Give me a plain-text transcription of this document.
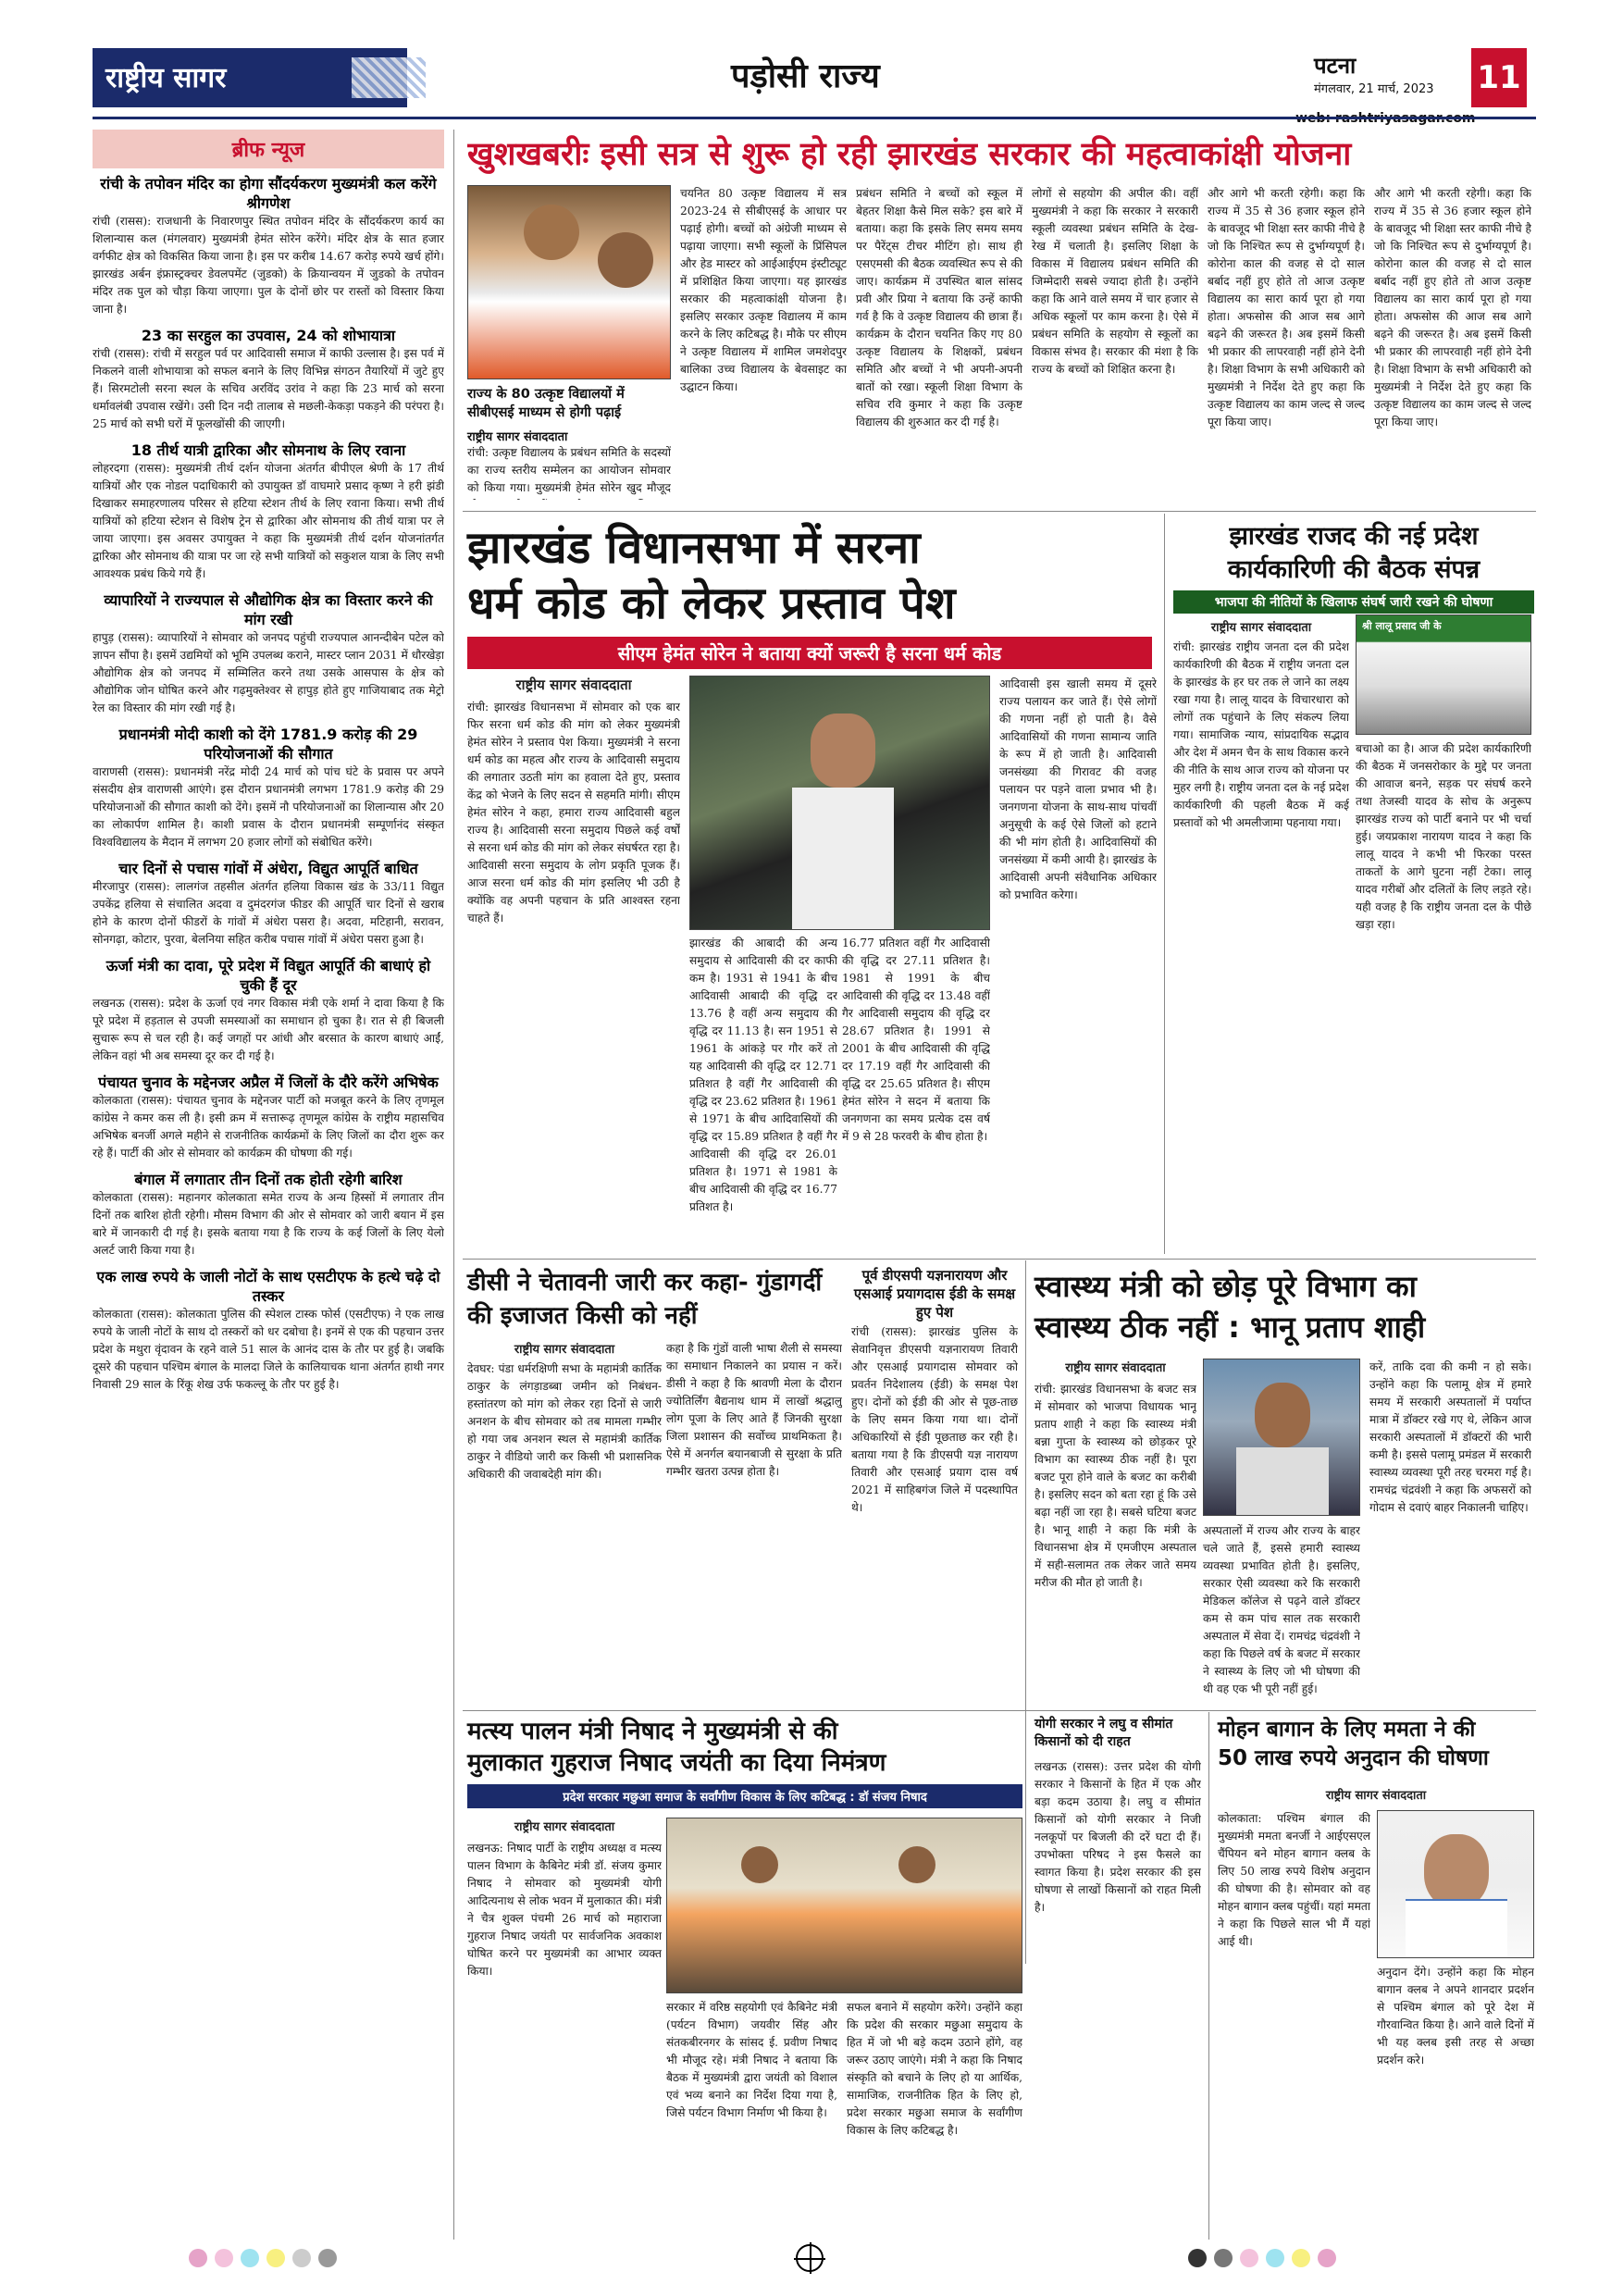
राष्ट्रीय सागर	पड़ोसी राज्य	पटना
मंगलवार, 21 मार्च, 2023 11
ब्रीफ न्यूज
रांची के तपोवन मंदिर का होगा सौंदर्यकरण मुख्यमंत्री कल करेंगे श्रीगणेश
रांची (रासस): राजधानी के निवारणपुर स्थित तपोवन मंदिर के सौंदर्यकरण कार्य का शिलान्यास कल (मंगलवार) मुख्यमंत्री हेमंत सोरेन करेंगे। मंदिर क्षेत्र के सात हजार वर्गफीट क्षेत्र को विकसित किया जाना है। इस पर करीब 14.67 करोड़ रुपये खर्च होंगे। झारखंड अर्बन इंफ्रास्ट्रक्चर डेवलपमेंट (जुडको) के क्रियान्वयन में जुडको के तपोवन मंदिर तक पुल को चौड़ा किया जाएगा। पुल के दोनों छोर पर रास्तों को विस्तार किया जाना है।
23 का सरहुल का उपवास, 24 को शोभायात्रा
रांची (रासस): रांची में सरहुल पर्व पर आदिवासी समाज में काफी उल्लास है। इस पर्व में निकलने वाली शोभायात्रा को सफल बनाने के लिए विभिन्न संगठन तैयारियों में जुटे हुए हैं। सिरमटोली सरना स्थल के सचिव अरविंद उरांव ने कहा कि 23 मार्च को सरना धर्मावलंबी उपवास रखेंगे। उसी दिन नदी तालाब से मछली-केकड़ा पकड़ने की परंपरा है। 25 मार्च को सभी घरों में फूलखोंसी की जाएगी।
18 तीर्थ यात्री द्वारिका और सोमनाथ के लिए रवाना
लोहरदगा (रासस): मुख्यमंत्री तीर्थ दर्शन योजना अंतर्गत बीपीएल श्रेणी के 17 तीर्थ यात्रियों और एक नोडल पदाधिकारी को उपायुक्त डॉ वाघमारे प्रसाद कृष्ण ने हरी झंडी दिखाकर समाहरणालय परिसर से हटिया स्टेशन तीर्थ के लिए रवाना किया। सभी तीर्थ यात्रियों को हटिया स्टेशन से विशेष ट्रेन से द्वारिका और सोमनाथ की तीर्थ यात्रा पर ले जाया जाएगा। इस अवसर उपायुक्त ने कहा कि मुख्यमंत्री तीर्थ दर्शन योजनांतर्गत द्वारिका और सोमनाथ की यात्रा पर जा रहे सभी यात्रियों को सकुशल यात्रा के लिए सभी आवश्यक प्रबंध किये गये हैं।
व्यापारियों ने राज्यपाल से औद्योगिक क्षेत्र का विस्तार करने की मांग रखी
हापुड़ (रासस): व्यापारियों ने सोमवार को जनपद पहुंची राज्यपाल आनन्दीबेन पटेल को ज्ञापन सौंपा है। इसमें उद्यमियों को भूमि उपलब्ध कराने, मास्टर प्लान 2031 में धौरखेड़ा औद्योगिक क्षेत्र को जनपद में सम्मिलित करने तथा उसके आसपास के क्षेत्र को औद्योगिक जोन घोषित करने और गढ़मुक्तेश्वर से हापुड़ होते हुए गाजियाबाद तक मेट्रो रेल का विस्तार की मांग रखी गई है।
प्रधानमंत्री मोदी काशी को देंगे 1781.9 करोड़ की 29 परियोजनाओं की सौगात
वाराणसी (रासस): प्रधानमंत्री नरेंद्र मोदी 24 मार्च को पांच घंटे के प्रवास पर अपने संसदीय क्षेत्र वाराणसी आएंगे। इस दौरान प्रधानमंत्री लगभग 1781.9 करोड़ की 29 परियोजनाओं की सौगात काशी को देंगे। इसमें नौ परियोजनाओं का शिलान्यास और 20 का लोकार्पण शामिल है। काशी प्रवास के दौरान प्रधानमंत्री सम्पूर्णानंद संस्कृत विश्वविद्यालय के मैदान में लगभग 20 हजार लोगों को संबोधित करेंगे।
चार दिनों से पचास गांवों में अंधेरा, विद्युत आपूर्ति बाधित
मीरजापुर (रासस): लालगंज तहसील अंतर्गत हलिया विकास खंड के 33/11 विद्युत उपकेंद्र हलिया से संचालित अदवा व दुमंदरगंज फीडर की आपूर्ति चार दिनों से खराब होने के कारण दोनों फीडरों के गांवों में अंधेरा पसरा है। अदवा, मटिहानी, सरावन, सोनगढ़ा, कोटार, पुरवा, बेलनिया सहित करीब पचास गांवों में अंधेरा पसरा हुआ है।
ऊर्जा मंत्री का दावा, पूरे प्रदेश में विद्युत आपूर्ति की बाधाएं हो चुकी हैं दूर
लखनऊ (रासस): प्रदेश के ऊर्जा एवं नगर विकास मंत्री एके शर्मा ने दावा किया है कि पूरे प्रदेश में हड़ताल से उपजी समस्याओं का समाधान हो चुका है। रात से ही बिजली सुचारू रूप से चल रही है। कई जगहों पर आंधी और बरसात के कारण बाधाएं आईं, लेकिन वहां भी अब समस्या दूर कर दी गई है।
पंचायत चुनाव के मद्देनजर अप्रैल में जिलों के दौरे करेंगे अभिषेक
कोलकाता (रासस): पंचायत चुनाव के मद्देनजर पार्टी को मजबूत करने के लिए तृणमूल कांग्रेस ने कमर कस ली है। इसी क्रम में सत्तारूढ़ तृणमूल कांग्रेस के राष्ट्रीय महासचिव अभिषेक बनर्जी अगले महीने से राजनीतिक कार्यक्रमों के लिए जिलों का दौरा शुरू कर रहे हैं। पार्टी की ओर से सोमवार को कार्यक्रम की घोषणा की गई।
बंगाल में लगातार तीन दिनों तक होती रहेगी बारिश
कोलकाता (रासस): महानगर कोलकाता समेत राज्य के अन्य हिस्सों में लगातार तीन दिनों तक बारिश होती रहेगी। मौसम विभाग की ओर से सोमवार को जारी बयान में इस बारे में जानकारी दी गई है। इसके बताया गया है कि राज्य के कई जिलों के लिए येलो अलर्ट जारी किया गया है।
एक लाख रुपये के जाली नोटों के साथ एसटीएफ के हत्थे चढ़े दो तस्कर
कोलकाता (रासस): कोलकाता पुलिस की स्पेशल टास्क फोर्स (एसटीएफ) ने एक लाख रुपये के जाली नोटों के साथ दो तस्करों को धर दबोचा है। इनमें से एक की पहचान उत्तर प्रदेश के मथुरा वृंदावन के रहने वाले 51 साल के आनंद दास के तौर पर हुई है। जबकि दूसरे की पहचान पश्चिम बंगाल के मालदा जिले के कालियाचक थाना अंतर्गत हाथी नगर निवासी 29 साल के रिंकू शेख उर्फ फकल्लू के तौर पर हुई है।
खुशखबरीः इसी सत्र से शुरू हो रही झारखंड सरकार की महत्वाकांक्षी योजना
राज्य के 80 उत्कृष्ट विद्यालयों में सीबीएसई माध्यम से होगी पढ़ाई
राष्ट्रीय सागर संवाददाता
रांची: उत्कृष्ट विद्यालय के प्रबंधन समिति के सदस्यों का राज्य स्तरीय सम्मेलन का आयोजन सोमवार को किया गया। मुख्यमंत्री हेमंत सोरेन खुद मौजूद
चयनित 80 उत्कृष्ट विद्यालय में सत्र 2023-24 से सीबीएसई के आधार पर पढ़ाई होगी। बच्चों को अंग्रेजी माध्यम से पढ़ाया जाएगा। सभी स्कूलों के प्रिंसिपल और हेड मास्टर को आईआईएम इंस्टीट्यूट में प्रशिक्षित किया जाएगा। यह झारखंड सरकार की महत्वाकांक्षी योजना है। इसलिए सरकार उत्कृष्ट विद्यालय में काम करने के लिए कटिबद्ध है। मौके पर सीएम ने उत्कृष्ट विद्यालय में शामिल जमशेदपुर बालिका उच्च विद्यालय के बेवसाइट का उद्घाटन किया।
प्रबंधन समिति ने बच्चों को स्कूल में बेहतर शिक्षा कैसे मिल सके? इस बारे में बताया। कहा कि इसके लिए समय समय पर पैरेंट्स टीचर मीटिंग हो। साथ ही एसएमसी की बैठक व्यवस्थित रूप से की जाए। कार्यक्रम में उपस्थित बाल सांसद प्रवी और प्रिया ने बताया कि उन्हें काफी गर्व है कि वे उत्कृष्ट विद्यालय की छात्रा हैं। कार्यक्रम के दौरान चयनित किए गए 80 उत्कृष्ट विद्यालय के शिक्षकों, प्रबंधन समिति और बच्चों ने भी अपनी-अपनी बातों को रखा। स्कूली शिक्षा विभाग के सचिव रवि कुमार ने कहा कि उत्कृष्ट विद्यालय की शुरुआत कर दी गई है।
लोगों से सहयोग की अपील की। वहीं मुख्यमंत्री ने कहा कि सरकार ने सरकारी स्कूली व्यवस्था प्रबंधन समिति के देख-रेख में चलाती है। इसलिए शिक्षा के विकास में विद्यालय प्रबंधन समिति की जिम्मेदारी सबसे ज्यादा होती है। उन्होंने कहा कि आने वाले समय में चार हजार से अधिक स्कूलों पर काम करना है। ऐसे में प्रबंधन समिति के सहयोग से स्कूलों का विकास संभव है। सरकार की मंशा है कि राज्य के बच्चों को शिक्षित करना है।
और आगे भी करती रहेगी। कहा कि राज्य में 35 से 36 हजार स्कूल होने के बावजूद भी शिक्षा स्तर काफी नीचे है जो कि निश्चित रूप से दुर्भाग्यपूर्ण है। कोरोना काल की वजह से दो साल बर्बाद नहीं हुए होते तो आज उत्कृष्ट विद्यालय का सारा कार्य पूरा हो गया होता। अफसोस की आज सब आगे बढ़ने की जरूरत है। अब इसमें किसी भी प्रकार की लापरवाही नहीं होने देनी है। शिक्षा विभाग के सभी अधिकारी को मुख्यमंत्री ने निर्देश देते हुए कहा कि उत्कृष्ट विद्यालय का काम जल्द से जल्द पूरा किया जाए।
और आगे भी करती रहेगी। कहा कि राज्य में 35 से 36 हजार स्कूल होने के बावजूद भी शिक्षा स्तर काफी नीचे है जो कि निश्चित रूप से दुर्भाग्यपूर्ण है। कोरोना काल की वजह से दो साल बर्बाद नहीं हुए होते तो आज उत्कृष्ट विद्यालय का सारा कार्य पूरा हो गया होता। अफसोस की आज सब आगे बढ़ने की जरूरत है। अब इसमें किसी भी प्रकार की लापरवाही नहीं होने देनी है। शिक्षा विभाग के सभी अधिकारी को मुख्यमंत्री ने निर्देश देते हुए कहा कि उत्कृष्ट विद्यालय का काम जल्द से जल्द पूरा किया जाए।
झारखंड विधानसभा में सरना
धर्म कोड को लेकर प्रस्ताव पेश
सीएम हेमंत सोरेन ने बताया क्यों जरूरी है सरना धर्म कोड
राष्ट्रीय सागर संवाददाता
रांची: झारखंड विधानसभा में सोमवार को एक बार फिर सरना धर्म कोड की मांग को लेकर मुख्यमंत्री हेमंत सोरेन ने प्रस्ताव पेश किया। मुख्यमंत्री ने सरना धर्म कोड का महत्व और राज्य के आदिवासी समुदाय की लगातार उठती मांग का हवाला देते हुए, प्रस्ताव केंद्र को भेजने के लिए सदन से सहमति मांगी। सीएम हेमंत सोरेन ने कहा, हमारा राज्य आदिवासी बहुल राज्य है। आदिवासी सरना समुदाय पिछले कई वर्षों से सरना धर्म कोड की मांग को लेकर संघर्षरत रहा है। आदिवासी सरना समुदाय के लोग प्रकृति पूजक हैं। आज सरना धर्म कोड की मांग इसलिए भी उठी है क्योंकि वह अपनी पहचान के प्रति आश्वस्त रहना चाहते हैं।
झारखंड की आबादी की अन्य समुदाय से आदिवासी की दर काफी कम है। 1931 से 1941 के बीच आदिवासी आबादी की वृद्धि दर 13.76 है वहीं अन्य समुदाय की वृद्धि दर 11.13 है। सन 1951 से 1961 के आंकड़े पर गौर करें तो यह आदिवासी की वृद्धि दर 12.71 प्रतिशत है वहीं गैर आदिवासी की वृद्धि दर 23.62 प्रतिशत है। 1961 से 1971 के बीच आदिवासियों की वृद्धि दर 15.89 प्रतिशत है वहीं गैर आदिवासी की वृद्धि दर 26.01 प्रतिशत है। 1971 से 1981 के बीच आदिवासी की वृद्धि दर 16.77 प्रतिशत है।
16.77 प्रतिशत वहीं गैर आदिवासी की वृद्धि दर 27.11 प्रतिशत है। 1981 से 1991 के बीच आदिवासी की वृद्धि दर 13.48 वहीं गैर आदिवासी समुदाय की वृद्धि दर 28.67 प्रतिशत है। 1991 से 2001 के बीच आदिवासी की वृद्धि दर 17.19 वहीं गैर आदिवासी की वृद्धि दर 25.65 प्रतिशत है। सीएम हेमंत सोरेन ने सदन में बताया कि जनगणना का समय प्रत्येक दस वर्ष में 9 से 28 फरवरी के बीच होता है।
आदिवासी इस खाली समय में दूसरे राज्य पलायन कर जाते हैं। ऐसे लोगों की गणना नहीं हो पाती है। वैसे आदिवासियों की गणना सामान्य जाति के रूप में हो जाती है। आदिवासी जनसंख्या की गिरावट की वजह पलायन पर पड़ने वाला प्रभाव भी है। जनगणना योजना के साथ-साथ पांचवीं अनुसूची के कई ऐसे जिलों को हटाने की भी मांग होती है। आदिवासियों की जनसंख्या में कमी आयी है। झारखंड के आदिवासी अपनी संवैधानिक अधिकार को प्रभावित करेगा।
झारखंड राजद की नई प्रदेश
कार्यकारिणी की बैठक संपन्न
भाजपा की नीतियों के खिलाफ संघर्ष जारी रखने की घोषणा
राष्ट्रीय सागर संवाददाता	श्री लालू प्रसाद जी के
रांची: झारखंड राष्ट्रीय जनता दल की प्रदेश कार्यकारिणी की बैठक में राष्ट्रीय जनता दल के झारखंड के हर घर तक ले जाने का लक्ष्य रखा गया है। लालू यादव के विचारधारा को लोगों तक पहुंचाने के लिए संकल्प लिया गया। सामाजिक न्याय, सांप्रदायिक सद्भाव और देश में अमन चैन के साथ विकास करने की नीति के साथ आज राज्य को योजना पर मुहर लगी है। राष्ट्रीय जनता दल के नई प्रदेश कार्यकारिणी की पहली बैठक में कई प्रस्तावों को भी अमलीजामा पहनाया गया।
बचाओ का है। आज की प्रदेश कार्यकारिणी की बैठक में जनसरोकार के मुद्दे पर जनता की आवाज बनने, सड़क पर संघर्ष करने तथा तेजस्वी यादव के सोच के अनुरूप झारखंड राज्य को पार्टी बनाने पर भी चर्चा हुई। जयप्रकाश नारायण यादव ने कहा कि लालू यादव ने कभी भी फिरका परस्त ताकतों के आगे घुटना नहीं टेका। लालू यादव गरीबों और दलितों के लिए लड़ते रहे। यही वजह है कि राष्ट्रीय जनता दल के पीछे खड़ा रहा।
डीसी ने चेतावनी जारी कर कहा- गुंडागर्दी की इजाजत किसी को नहीं
राष्ट्रीय सागर संवाददाता
देवघर: पंडा धर्मरक्षिणी सभा के महामंत्री कार्तिक ठाकुर के लंगड़ाडब्बा जमीन को निबंधन-हस्तांतरण को मांग को लेकर रहा दिनों से जारी अनशन के बीच सोमवार को तब मामला गम्भीर हो गया जब अनशन स्थल से महामंत्री कार्तिक ठाकुर ने वीडियो जारी कर किसी भी प्रशासनिक अधिकारी की जवाबदेही मांग की।
कहा है कि गुंडों वाली भाषा शैली से समस्या का समाधान निकालने का प्रयास न करें। डीसी ने कहा है कि श्रावणी मेला के दौरान ज्योतिर्लिंग बैद्यनाथ धाम में लाखों श्रद्धालु लोग पूजा के लिए आते हैं जिनकी सुरक्षा जिला प्रशासन की सर्वोच्च प्राथमिकता है। ऐसे में अनर्गल बयानबाजी से सुरक्षा के प्रति गम्भीर खतरा उत्पन्न होता है।
पूर्व डीएसपी यज्ञनारायण और एसआई प्रयागदास ईडी के समक्ष हुए पेश
रांची (रासस): झारखंड पुलिस के सेवानिवृत्त डीएसपी यज्ञनारायण तिवारी और एसआई प्रयागदास सोमवार को प्रवर्तन निदेशालय (ईडी) के समक्ष पेश हुए। दोनों को ईडी की ओर से पूछ-ताछ के लिए समन किया गया था। दोनों अधिकारियों से ईडी पूछताछ कर रही है। बताया गया है कि डीएसपी यज्ञ नारायण तिवारी और एसआई प्रयाग दास वर्ष 2021 में साहिबगंज जिले में पदस्थापित थे।
स्वास्थ्य मंत्री को छोड़ पूरे विभाग का
स्वास्थ्य ठीक नहीं : भानू प्रताप शाही
राष्ट्रीय सागर संवाददाता
रांची: झारखंड विधानसभा के बजट सत्र में सोमवार को भाजपा विधायक भानू प्रताप शाही ने कहा कि स्वास्थ्य मंत्री बन्ना गुप्ता के स्वास्थ्य को छोड़कर पूरे विभाग का स्वास्थ्य ठीक नहीं है। पूरा बजट पूरा होने वाले के बजट का करीबी है। इसलिए सदन को बता रहा हूं कि उसे बढ़ा नहीं जा रहा है। सबसे घटिया बजट है। भानू शाही ने कहा कि मंत्री के विधानसभा क्षेत्र में एमजीएम अस्पताल में सही-सलामत तक लेकर जाते समय मरीज की मौत हो जाती है।
अस्पतालों में राज्य और राज्य के बाहर चले जाते हैं, इससे हमारी स्वास्थ्य व्यवस्था प्रभावित होती है। इसलिए, सरकार ऐसी व्यवस्था करे कि सरकारी मेडिकल कॉलेज से पढ़ने वाले डॉक्टर कम से कम पांच साल तक सरकारी अस्पताल में सेवा दें। रामचंद्र चंद्रवंशी ने कहा कि पिछले वर्ष के बजट में सरकार ने स्वास्थ्य के लिए जो भी घोषणा की थी वह एक भी पूरी नहीं हुई।
करें, ताकि दवा की कमी न हो सके। उन्होंने कहा कि पलामू क्षेत्र में हमारे समय में सरकारी अस्पतालों में पर्याप्त मात्रा में डॉक्टर रखे गए थे, लेकिन आज सरकारी अस्पतालों में डॉक्टरों की भारी कमी है। इससे पलामू प्रमंडल में सरकारी स्वास्थ्य व्यवस्था पूरी तरह चरमरा गई है। रामचंद्र चंद्रवंशी ने कहा कि अफसरों को गोदाम से दवाएं बाहर निकालनी चाहिए।
मत्स्य पालन मंत्री निषाद ने मुख्यमंत्री से की
मुलाकात गुहराज निषाद जयंती का दिया निमंत्रण
प्रदेश सरकार मछुआ समाज के सर्वांगीण विकास के लिए कटिबद्ध : डॉ संजय निषाद
राष्ट्रीय सागर संवाददाता
लखनऊ: निषाद पार्टी के राष्ट्रीय अध्यक्ष व मत्स्य पालन विभाग के कैबिनेट मंत्री डॉ. संजय कुमार निषाद ने सोमवार को मुख्यमंत्री योगी आदित्यनाथ से लोक भवन में मुलाकात की। मंत्री ने चैत्र शुक्ल पंचमी 26 मार्च को महाराजा गुहराज निषाद जयंती पर सार्वजनिक अवकाश घोषित करने पर मुख्यमंत्री का आभार व्यक्त किया।
सरकार में वरिष्ठ सहयोगी एवं कैबिनेट मंत्री (पर्यटन विभाग) जयवीर सिंह और संतकबीरनगर के सांसद ई. प्रवीण निषाद भी मौजूद रहे। मंत्री निषाद ने बताया कि बैठक में मुख्यमंत्री द्वारा जयंती को विशाल एवं भव्य बनाने का निर्देश दिया गया है, जिसे पर्यटन विभाग निर्माण भी किया है।
सफल बनाने में सहयोग करेंगे। उन्होंने कहा कि प्रदेश की सरकार मछुआ समुदाय के हित में जो भी बड़े कदम उठाने होंगे, वह जरूर उठाए जाएंगे। मंत्री ने कहा कि निषाद संस्कृति को बचाने के लिए हो या आर्थिक, सामाजिक, राजनीतिक हित के लिए हो, प्रदेश सरकार मछुआ समाज के सर्वांगीण विकास के लिए कटिबद्ध है।
योगी सरकार ने लघु व सीमांत किसानों को दी राहत
लखनऊ (रासस): उत्तर प्रदेश की योगी सरकार ने किसानों के हित में एक और बड़ा कदम उठाया है। लघु व सीमांत किसानों को योगी सरकार ने निजी नलकूपों पर बिजली की दरें घटा दी हैं। उपभोक्ता परिषद ने इस फैसले का स्वागत किया है। प्रदेश सरकार की इस घोषणा से लाखों किसानों को राहत मिली है।
मोहन बागान के लिए ममता ने की
50 लाख रुपये अनुदान की घोषणा
राष्ट्रीय सागर संवाददाता
कोलकाता: पश्चिम बंगाल की मुख्यमंत्री ममता बनर्जी ने आईएसएल चैंपियन बने मोहन बागान क्लब के लिए 50 लाख रुपये विशेष अनुदान की घोषणा की है। सोमवार को वह मोहन बागान क्लब पहुंचीं। यहां ममता ने कहा कि पिछले साल भी मैं यहां आई थी।
अनुदान देंगे। उन्होंने कहा कि मोहन बागान क्लब ने अपने शानदार प्रदर्शन से पश्चिम बंगाल को पूरे देश में गौरवान्वित किया है। आने वाले दिनों में भी यह क्लब इसी तरह से अच्छा प्रदर्शन करे।
